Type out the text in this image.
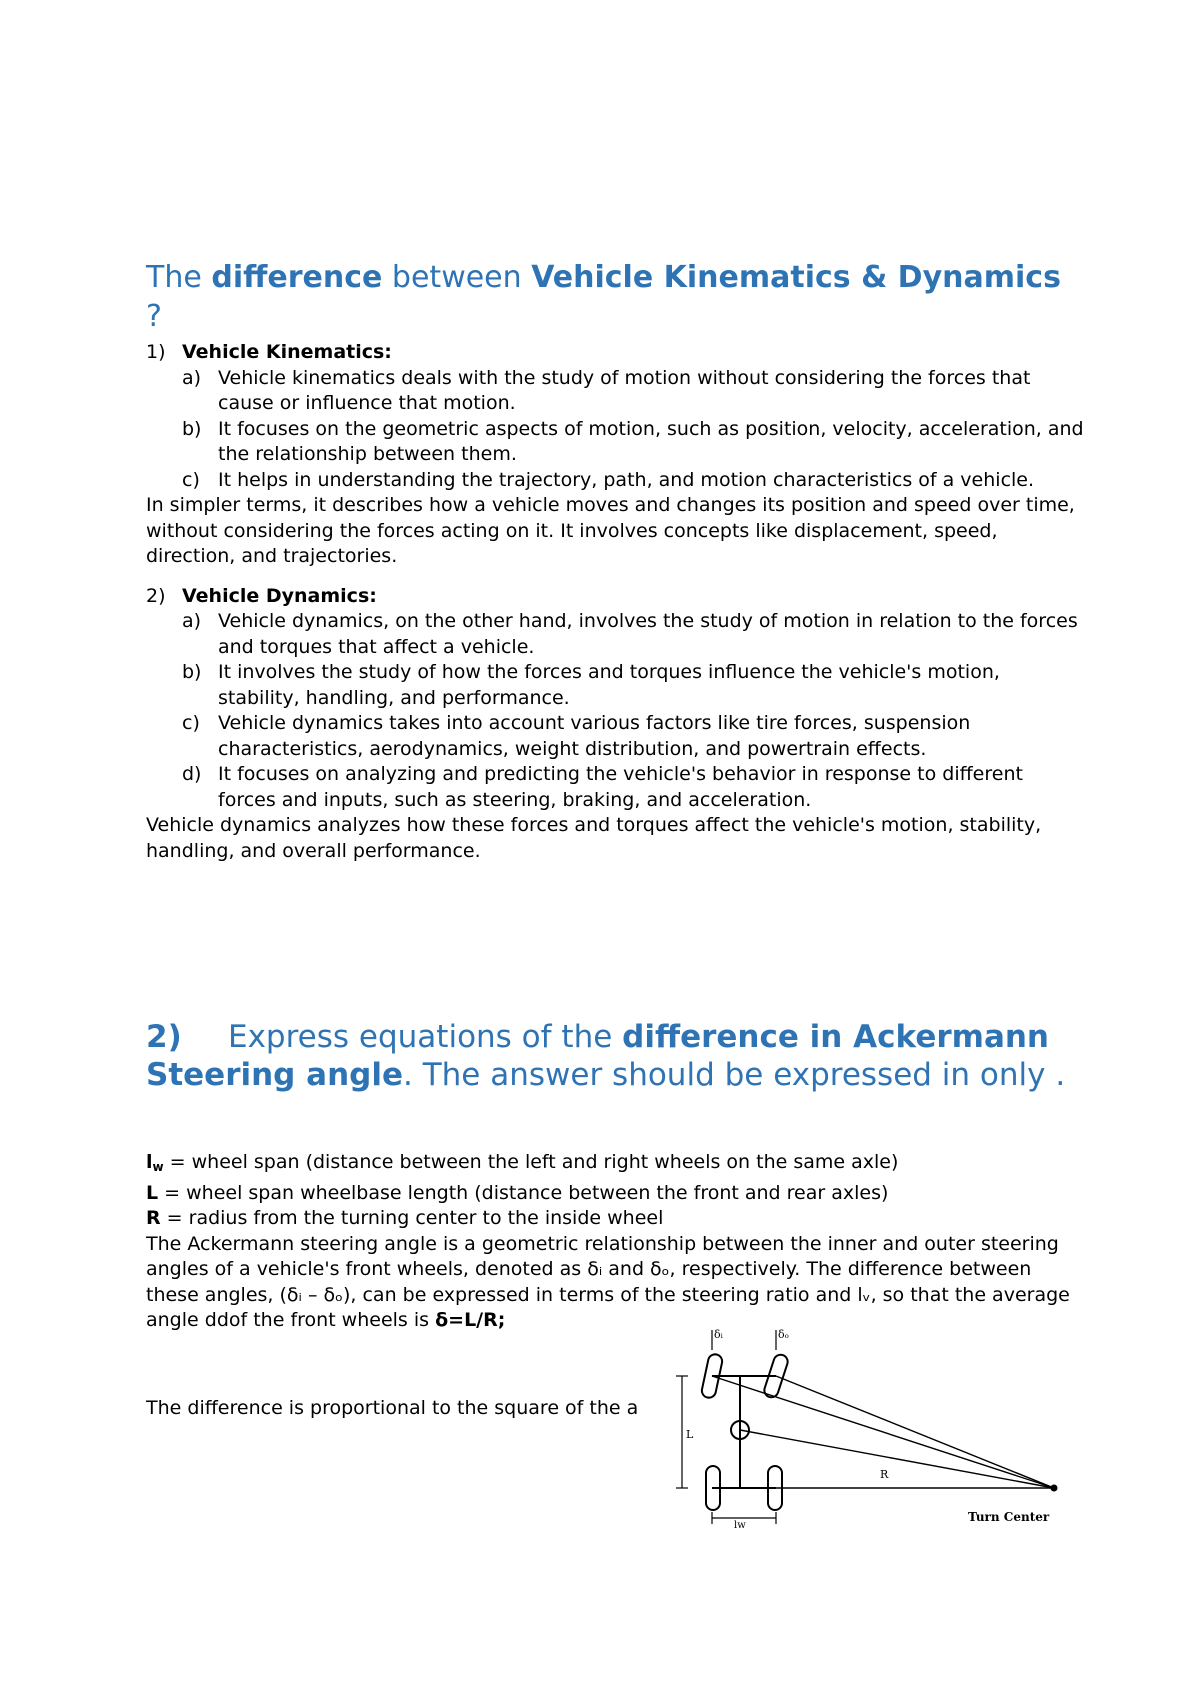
The difference between Vehicle Kinematics & Dynamics ?
1) Vehicle Kinematics:
a) Vehicle kinematics deals with the study of motion without considering the forces that cause or influence that motion.
b) It focuses on the geometric aspects of motion, such as position, velocity, acceleration, and the relationship between them.
c) It helps in understanding the trajectory, path, and motion characteristics of a vehicle.

In simpler terms, it describes how a vehicle moves and changes its position and speed over time, without considering the forces acting on it. It involves concepts like displacement, speed, direction, and trajectories.

2) Vehicle Dynamics:
a) Vehicle dynamics, on the other hand, involves the study of motion in relation to the forces and torques that affect a vehicle.
b) It involves the study of how the forces and torques influence the vehicle's motion, stability, handling, and performance.
c) Vehicle dynamics takes into account various factors like tire forces, suspension characteristics, aerodynamics, weight distribution, and powertrain effects.
d) It focuses on analyzing and predicting the vehicle's behavior in response to different forces and inputs, such as steering, braking, and acceleration.

Vehicle dynamics analyzes how these forces and torques affect the vehicle's motion, stability, handling, and overall performance.

2) Express equations of the difference in Ackermann Steering angle. The answer should be expressed in only .

lw = wheel span (distance between the left and right wheels on the same axle)

L = wheel span wheelbase length (distance between the front and rear axles)

R = radius from the turning center to the inside wheel

The Ackermann steering angle is a geometric relationship between the inner and outer steering angles of a vehicle's front wheels, denoted as δᵢ and δₒ, respectively. The difference between these angles, (δᵢ – δₒ), can be expressed in terms of the steering ratio and lᵥ, so that the average angle ddof the front wheels is δ=L/R;

The difference is proportional to the square of the a

δᵢ	δₒ
L
R
lw
Turn Center
